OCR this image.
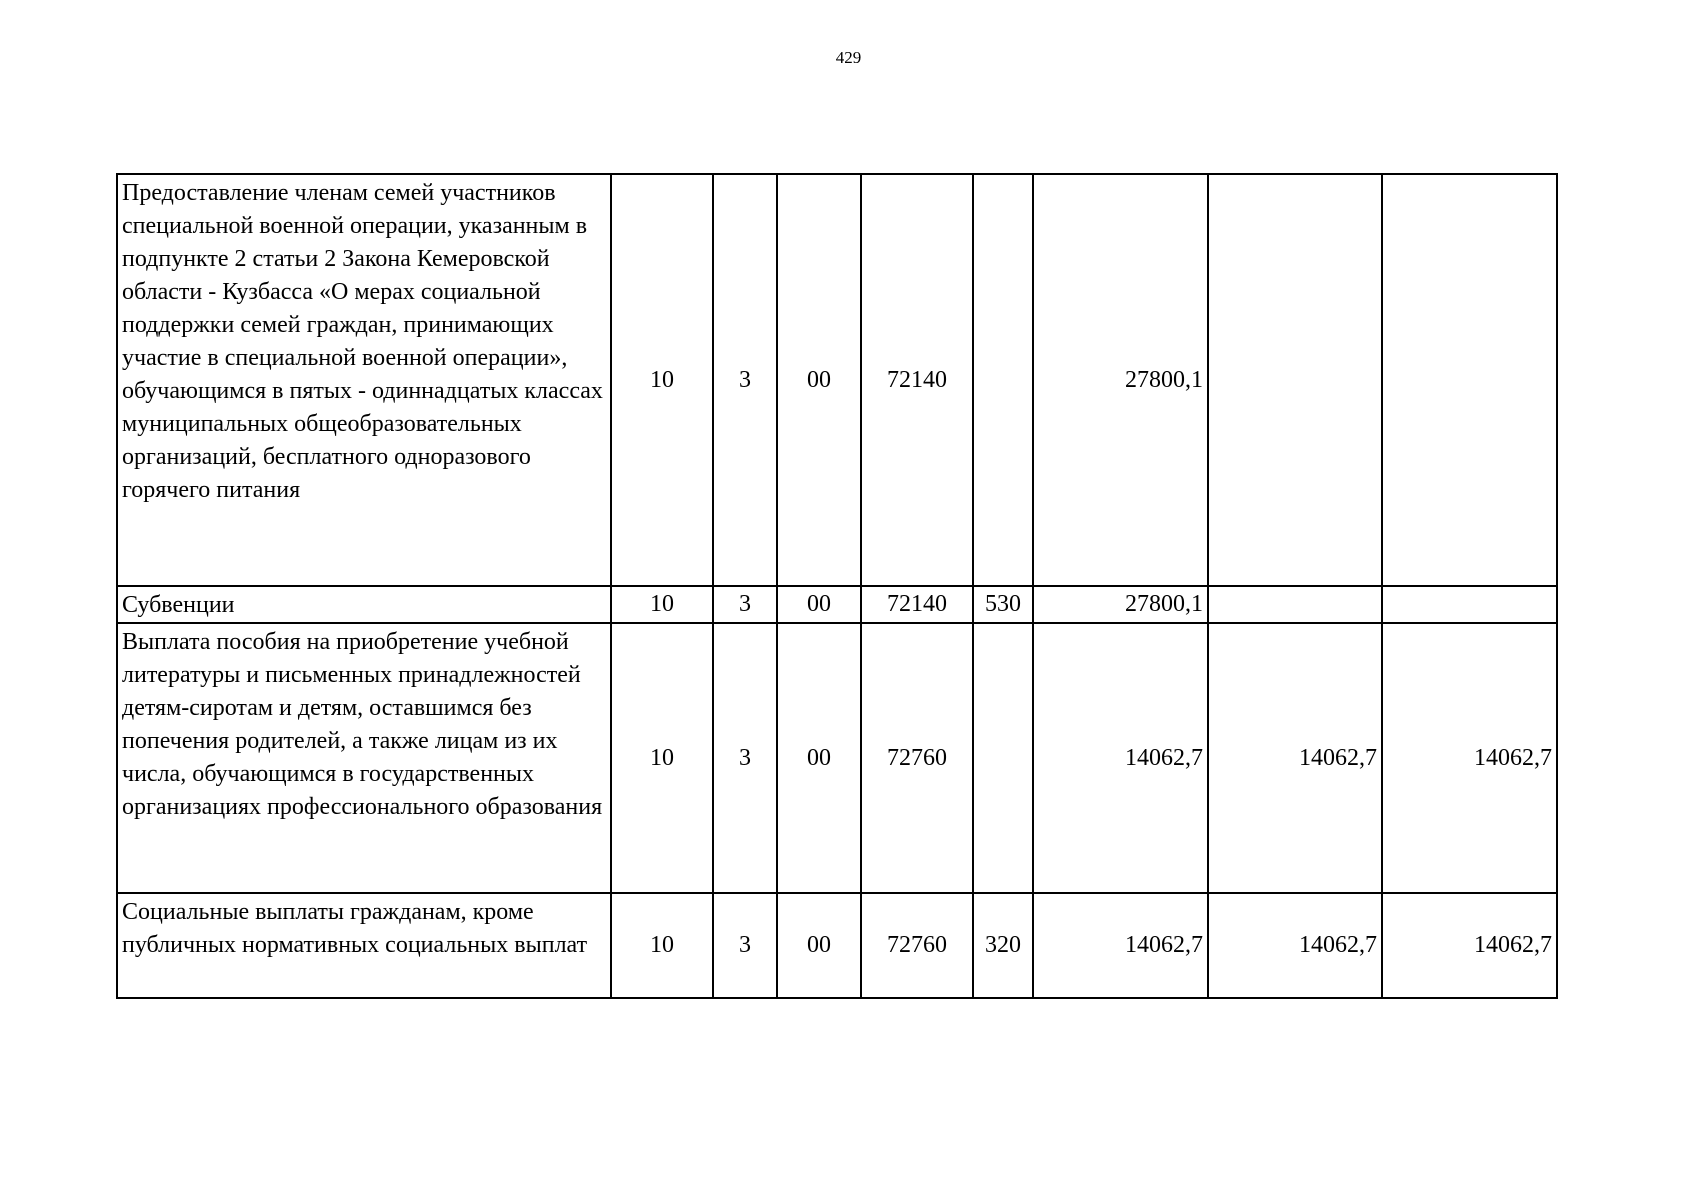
429
Предоставление членам семей участников специальной военной операции, указанным в подпункте 2 статьи 2 Закона Кемеровской области - Кузбасса «О мерах социальной поддержки семей граждан, принимающих участие в специальной военной операции», обучающимся в пятых - одиннадцатых классах муниципальных общеобразовательных организаций, бесплатного одноразового горячего питания	10	3	00	72140		27800,1		
Субвенции	10	3	00	72140	530	27800,1		
Выплата пособия на приобретение учебной литературы и письменных принадлежностей детям-сиротам и детям, оставшимся без попечения родителей, а также лицам из их числа, обучающимся в государственных организациях профессионального образования	10	3	00	72760		14062,7	14062,7	14062,7
Социальные выплаты гражданам, кроме публичных нормативных социальных выплат	10	3	00	72760	320	14062,7	14062,7	14062,7
